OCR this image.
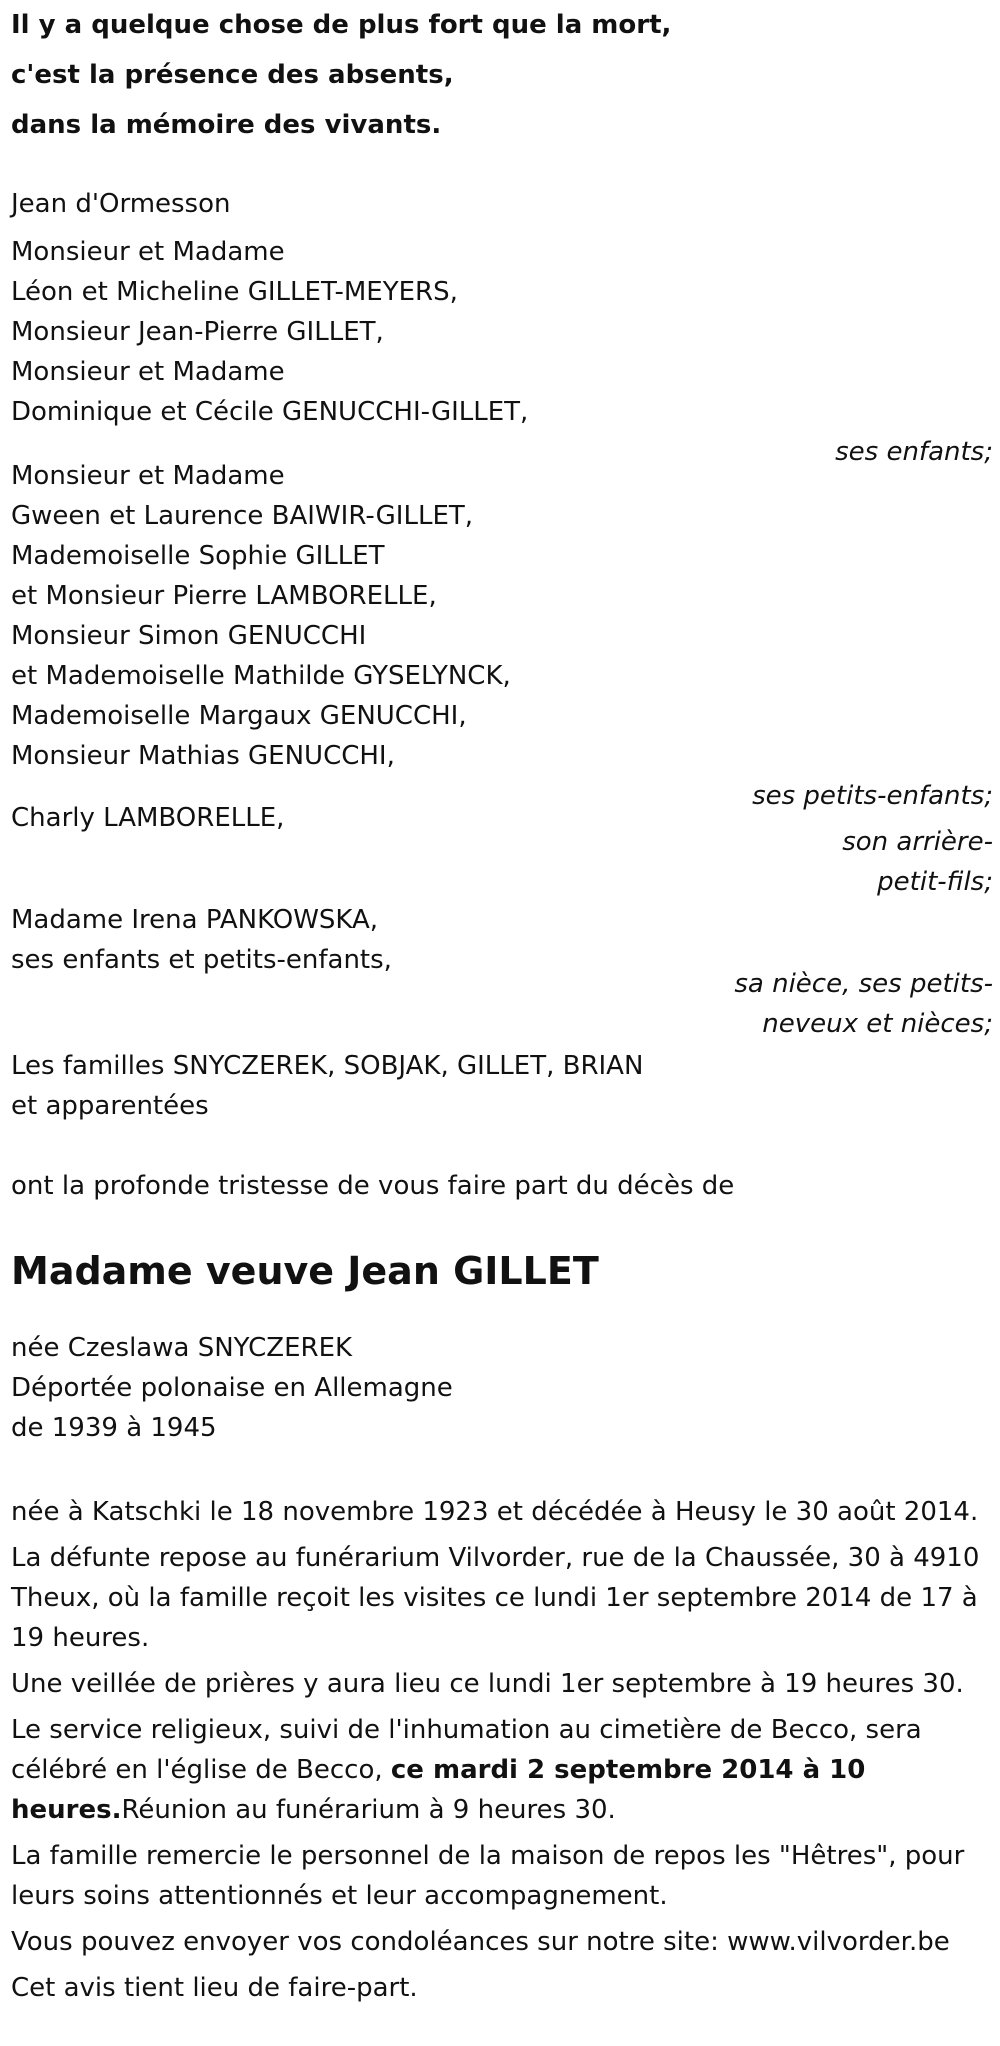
Il y a quelque chose de plus fort que la mort,
c'est la présence des absents,
dans la mémoire des vivants.
Jean d'Ormesson
Monsieur et Madame
Léon et Micheline GILLET-MEYERS,
Monsieur Jean-Pierre GILLET,
Monsieur et Madame
Dominique et Cécile GENUCCHI-GILLET,
ses enfants;
Monsieur et Madame
Gween et Laurence BAIWIR-GILLET,
Mademoiselle Sophie GILLET
et Monsieur Pierre LAMBORELLE,
Monsieur Simon GENUCCHI
et Mademoiselle Mathilde GYSELYNCK,
Mademoiselle Margaux GENUCCHI,
Monsieur Mathias GENUCCHI,
ses petits-enfants;
Charly LAMBORELLE,
son arrière-
petit-fils;
Madame Irena PANKOWSKA,
ses enfants et petits-enfants,
sa nièce, ses petits-
neveux et nièces;
Les familles SNYCZEREK, SOBJAK, GILLET, BRIAN
et apparentées
ont la profonde tristesse de vous faire part du décès de
Madame veuve Jean GILLET
née Czeslawa SNYCZEREK
Déportée polonaise en Allemagne
de 1939 à 1945
née à Katschki le 18 novembre 1923 et décédée à Heusy le 30 août 2014.
La défunte repose au funérarium Vilvorder, rue de la Chaussée, 30 à 4910 Theux, où la famille reçoit les visites ce lundi 1er septembre 2014 de 17 à 19 heures.
Une veillée de prières y aura lieu ce lundi 1er septembre à 19 heures 30.
Le service religieux, suivi de l'inhumation au cimetière de Becco, sera célébré en l'église de Becco, ce mardi 2 septembre 2014 à 10 heures.Réunion au funérarium à 9 heures 30.
La famille remercie le personnel de la maison de repos les "Hêtres", pour leurs soins attentionnés et leur accompagnement.
Vous pouvez envoyer vos condoléances sur notre site: www.vilvorder.be
Cet avis tient lieu de faire-part.
